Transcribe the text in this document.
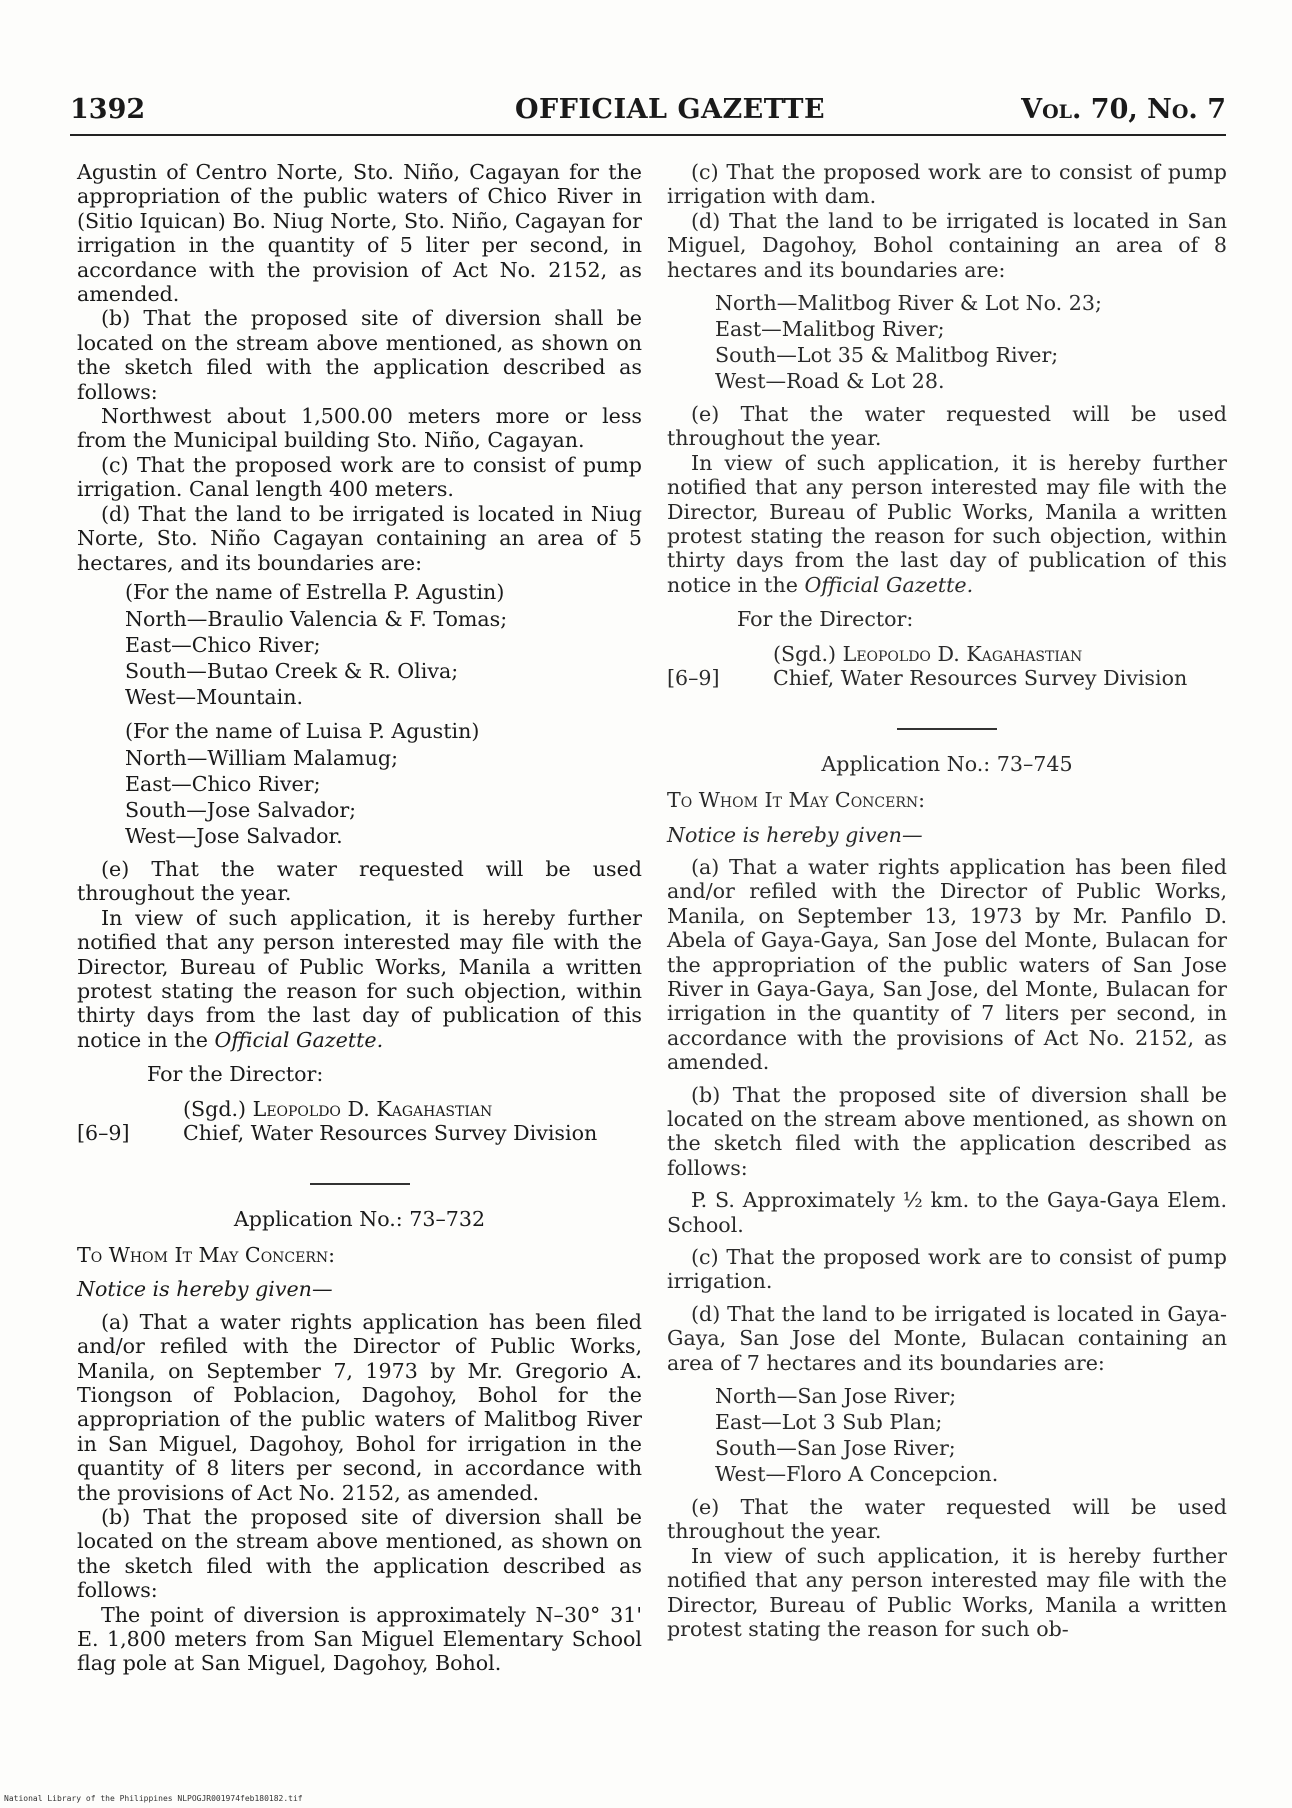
1392	OFFICIAL GAZETTE	Vol. 70, No. 7

Agustin of Centro Norte, Sto. Niño, Cagayan for the appropriation of the public waters of Chico River in (Sitio Iquican) Bo. Niug Norte, Sto. Niño, Cagayan for irrigation in the quantity of 5 liter per second, in accordance with the provision of Act No. 2152, as amended.

(b) That the proposed site of diversion shall be located on the stream above mentioned, as shown on the sketch filed with the application described as follows:

Northwest about 1,500.00 meters more or less from the Municipal building Sto. Niño, Cagayan.

(c) That the proposed work are to consist of pump irrigation. Canal length 400 meters.

(d) That the land to be irrigated is located in Niug Norte, Sto. Niño Cagayan containing an area of 5 hectares, and its boundaries are:

(For the name of Estrella P. Agustin)
North—Braulio Valencia & F. Tomas;
East—Chico River;
South—Butao Creek & R. Oliva;
West—Mountain.
(For the name of Luisa P. Agustin)
North—William Malamug;
East—Chico River;
South—Jose Salvador;
West—Jose Salvador.

(e) That the water requested will be used throughout the year.

In view of such application, it is hereby further notified that any person interested may file with the Director, Bureau of Public Works, Manila a written protest stating the reason for such objection, within thirty days from the last day of publication of this notice in the Official Gazette.

For the Director:
(Sgd.) Leopoldo D. Kagahastian
[6–9]	Chief, Water Resources Survey Division
Application No.: 73–732
To Whom It May Concern:
Notice is hereby given—

(a) That a water rights application has been filed and/or refiled with the Director of Public Works, Manila, on September 7, 1973 by Mr. Gregorio A. Tiongson of Poblacion, Dagohoy, Bohol for the appropriation of the public waters of Malitbog River in San Miguel, Dagohoy, Bohol for irrigation in the quantity of 8 liters per second, in accordance with the provisions of Act No. 2152, as amended.

(b) That the proposed site of diversion shall be located on the stream above mentioned, as shown on the sketch filed with the application described as follows:

The point of diversion is approximately N–30° 31' E. 1,800 meters from San Miguel Elementary School flag pole at San Miguel, Dagohoy, Bohol.

(c) That the proposed work are to consist of pump irrigation with dam.

(d) That the land to be irrigated is located in San Miguel, Dagohoy, Bohol containing an area of 8 hectares and its boundaries are:

North—Malitbog River & Lot No. 23;
East—Malitbog River;
South—Lot 35 & Malitbog River;
West—Road & Lot 28.

(e) That the water requested will be used throughout the year.

In view of such application, it is hereby further notified that any person interested may file with the Director, Bureau of Public Works, Manila a written protest stating the reason for such objection, within thirty days from the last day of publication of this notice in the Official Gazette.

For the Director:
(Sgd.) Leopoldo D. Kagahastian
[6–9]	Chief, Water Resources Survey Division
Application No.: 73–745
To Whom It May Concern:
Notice is hereby given—

(a) That a water rights application has been filed and/or refiled with the Director of Public Works, Manila, on September 13, 1973 by Mr. Panfilo D. Abela of Gaya-Gaya, San Jose del Monte, Bulacan for the appropriation of the public waters of San Jose River in Gaya-Gaya, San Jose, del Monte, Bulacan for irrigation in the quantity of 7 liters per second, in accordance with the provisions of Act No. 2152, as amended.

(b) That the proposed site of diversion shall be located on the stream above mentioned, as shown on the sketch filed with the application described as follows:

P. S. Approximately ½ km. to the Gaya-Gaya Elem. School.

(c) That the proposed work are to consist of pump irrigation.

(d) That the land to be irrigated is located in Gaya-Gaya, San Jose del Monte, Bulacan containing an area of 7 hectares and its boundaries are:

North—San Jose River;
East—Lot 3 Sub Plan;
South—San Jose River;
West—Floro A Concepcion.

(e) That the water requested will be used throughout the year.

In view of such application, it is hereby further notified that any person interested may file with the Director, Bureau of Public Works, Manila a written protest stating the reason for such ob-

National Library of the Philippines NLPOGJR001974feb180182.tif
